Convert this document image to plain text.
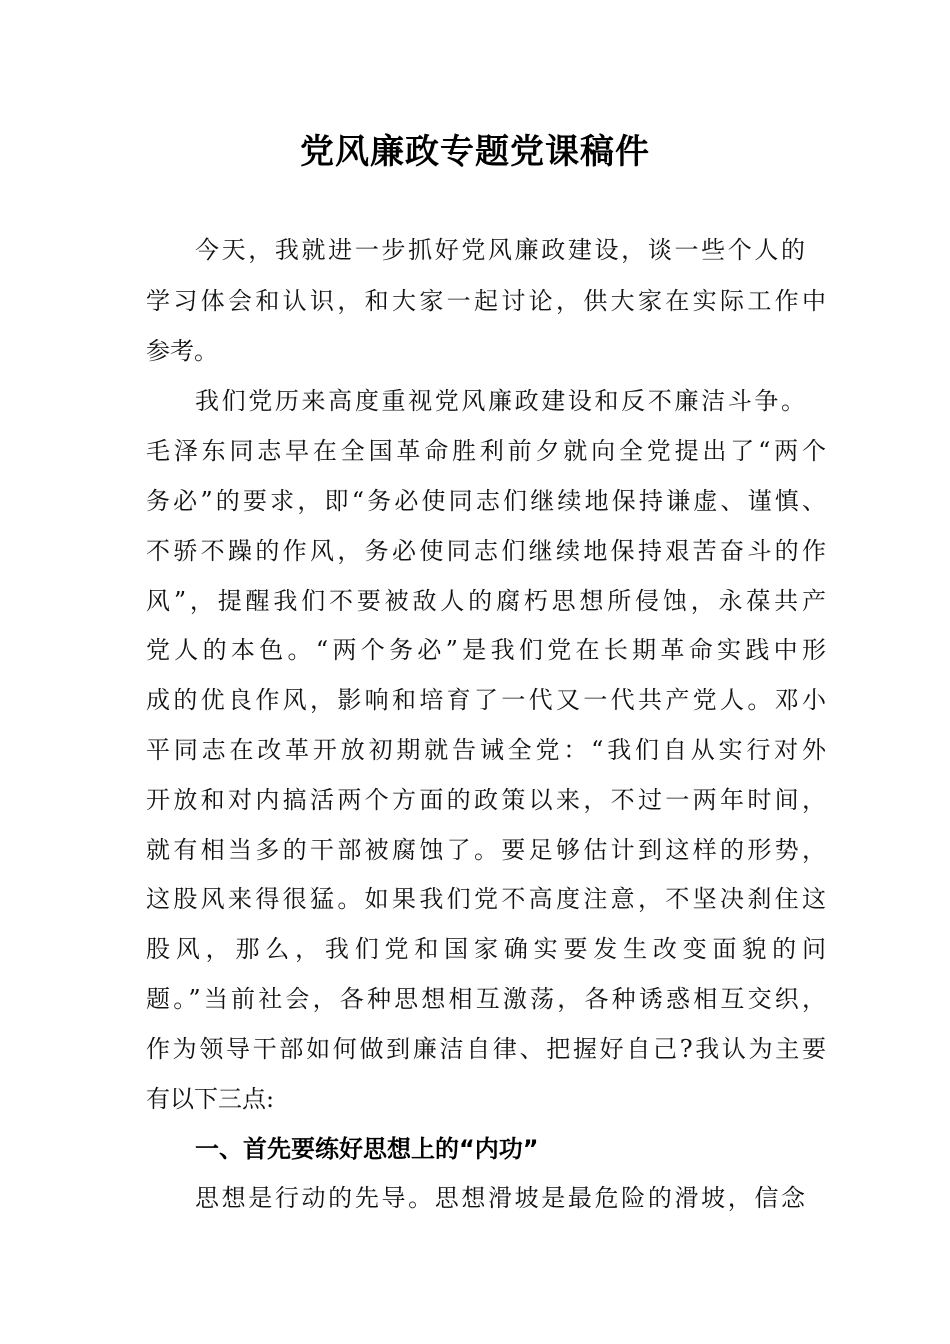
党风廉政专题党课稿件
今天，我就进一步抓好党风廉政建设，谈一些个人的
学习体会和认识，和大家一起讨论，供大家在实际工作中
参考。
我们党历来高度重视党风廉政建设和反不廉洁斗争。
毛泽东同志早在全国革命胜利前夕就向全党提出了“两个
务必”的要求，即“务必使同志们继续地保持谦虚、谨慎、
不骄不躁的作风，务必使同志们继续地保持艰苦奋斗的作
风”，提醒我们不要被敌人的腐朽思想所侵蚀，永葆共产
党人的本色。“两个务必”是我们党在长期革命实践中形
成的优良作风，影响和培育了一代又一代共产党人。邓小
平同志在改革开放初期就告诫全党：“我们自从实行对外
开放和对内搞活两个方面的政策以来，不过一两年时间，
就有相当多的干部被腐蚀了。要足够估计到这样的形势，
这股风来得很猛。如果我们党不高度注意，不坚决刹住这
股风，那么，我们党和国家确实要发生改变面貌的问
题。”当前社会，各种思想相互激荡，各种诱惑相互交织，
作为领导干部如何做到廉洁自律、把握好自己?我认为主要
有以下三点:
一、首先要练好思想上的“内功”
思想是行动的先导。思想滑坡是最危险的滑坡，信念
